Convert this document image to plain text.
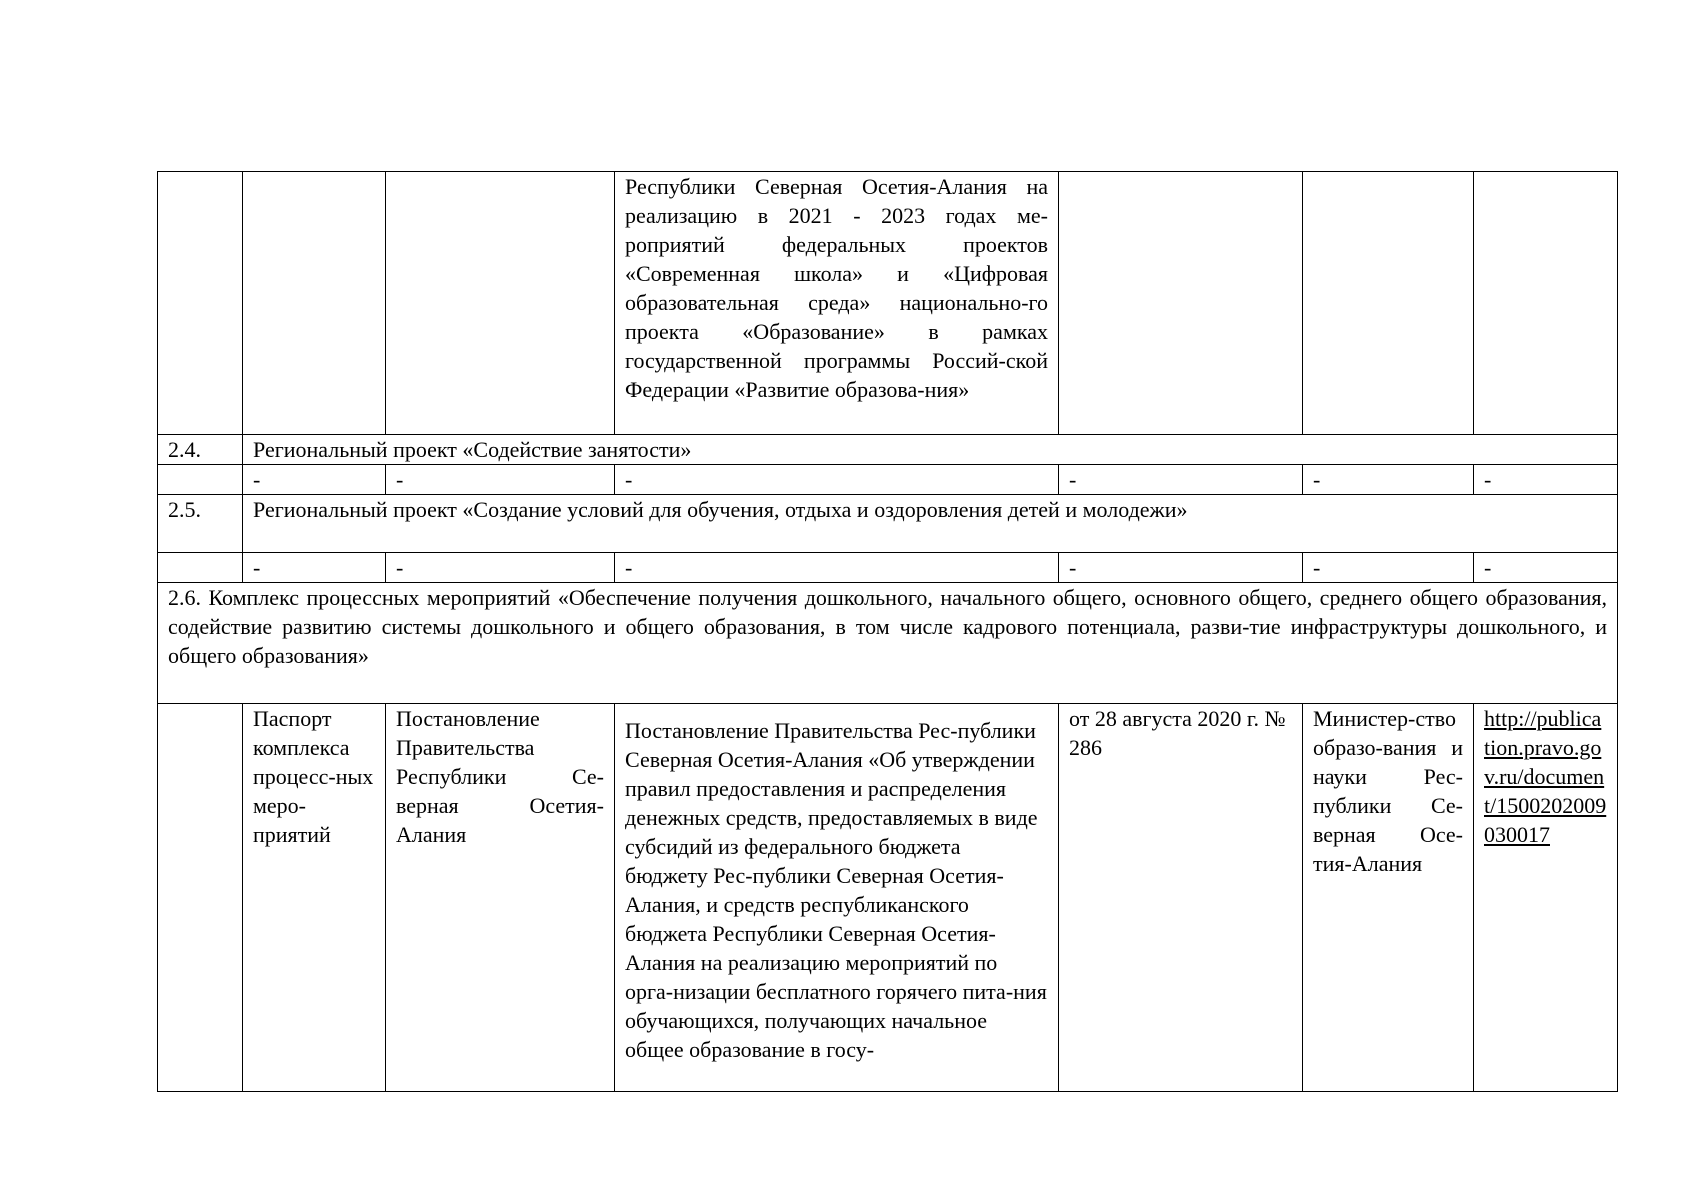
			Республики Северная Осетия-Алания на реализацию в 2021 - 2023 годах ме-роприятий федеральных проектов «Современная школа» и «Цифровая образовательная среда» национально-го проекта «Образование» в рамках государственной программы Россий-ской Федерации «Развитие образова-ния»			
2.4.	Региональный проект «Содействие занятости»					
	-	-	-	-	-	-
2.5.	Региональный проект «Создание условий для обучения, отдыха и оздоровления детей и молодежи»					
	-	-	-	-	-	-
2.6. Комплекс процессных мероприятий «Обеспечение получения дошкольного, начального общего, основного общего, среднего общего образования, содействие развитию системы дошкольного и общего образования, в том числе кадрового потенциала, разви-тие инфраструктуры дошкольного, и общего образования»						
	Паспорт комплекса процесс-ных меро-приятий	Постановление Правительства Республики Се-верная Осетия-Алания	Постановление Правительства Рес-публики Северная Осетия-Алания «Об утверждении правил предоставления и распределения денежных средств, предоставляемых в виде субсидий из федерального бюджета бюджету Рес-публики Северная Осетия-Алания, и средств республиканского бюджета Республики Северная Осетия-Алания на реализацию мероприятий по орга-низации бесплатного горячего пита-ния обучающихся, получающих начальное общее образование в госу-	от 28 августа 2020 г. № 286	Министер-ство образо-вания и науки Рес-публики Се-верная Осе-тия-Алания	http://publication.pravo.gov.ru/document/1500202009030017
